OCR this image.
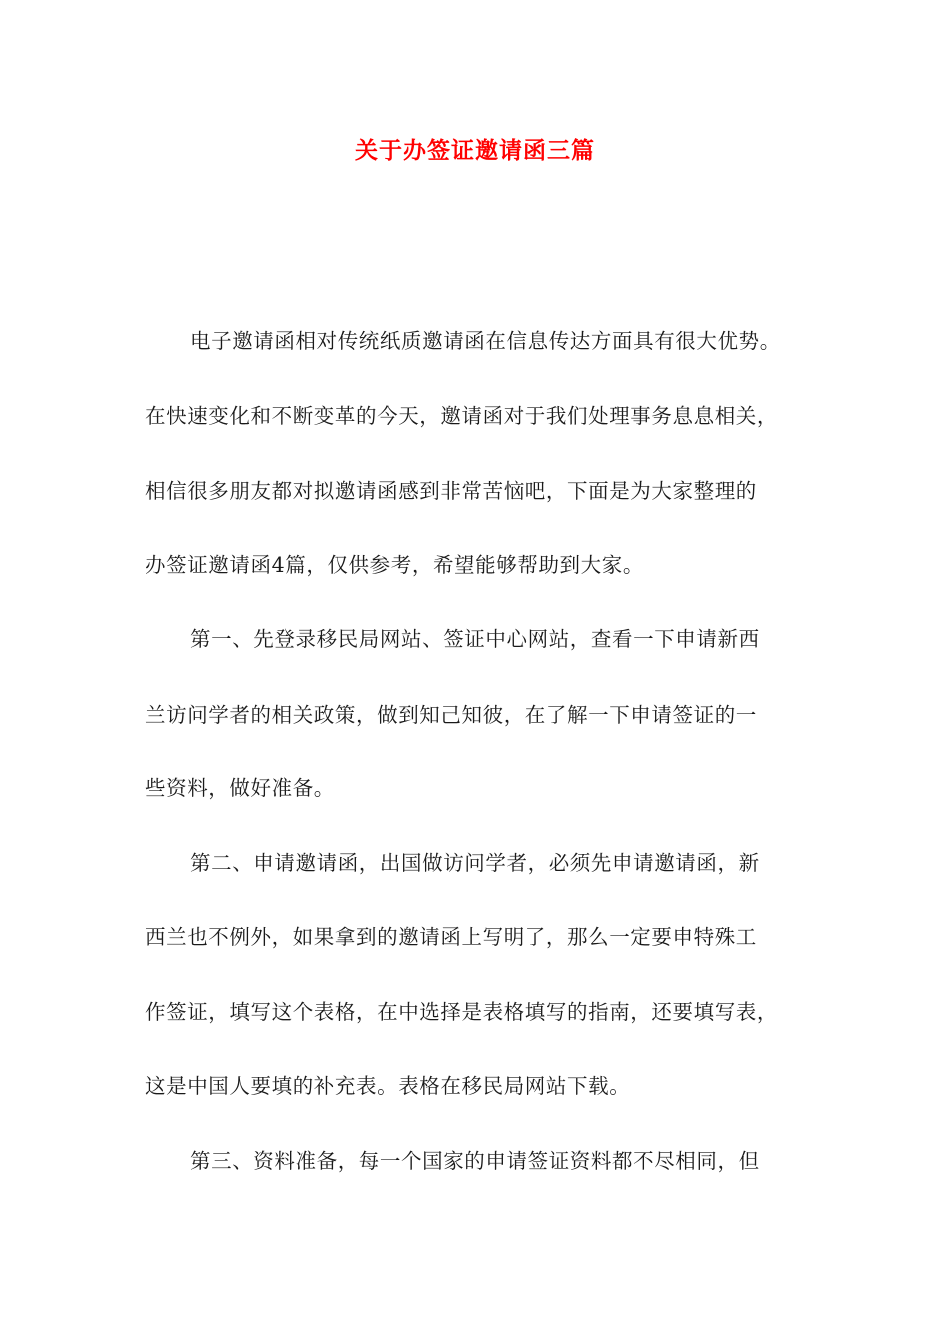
关于办签证邀请函三篇
电子邀请函相对传统纸质邀请函在信息传达方面具有很大优势。
在快速变化和不断变革的今天，邀请函对于我们处理事务息息相关，
相信很多朋友都对拟邀请函感到非常苦恼吧，下面是为大家整理的
办签证邀请函4篇，仅供参考，希望能够帮助到大家。
第一、先登录移民局网站、签证中心网站，查看一下申请新西
兰访问学者的相关政策，做到知己知彼，在了解一下申请签证的一
些资料，做好准备。
第二、申请邀请函，出国做访问学者，必须先申请邀请函，新
西兰也不例外，如果拿到的邀请函上写明了，那么一定要申特殊工
作签证，填写这个表格，在中选择是表格填写的指南，还要填写表，
这是中国人要填的补充表。表格在移民局网站下载。
第三、资料准备，每一个国家的申请签证资料都不尽相同，但
